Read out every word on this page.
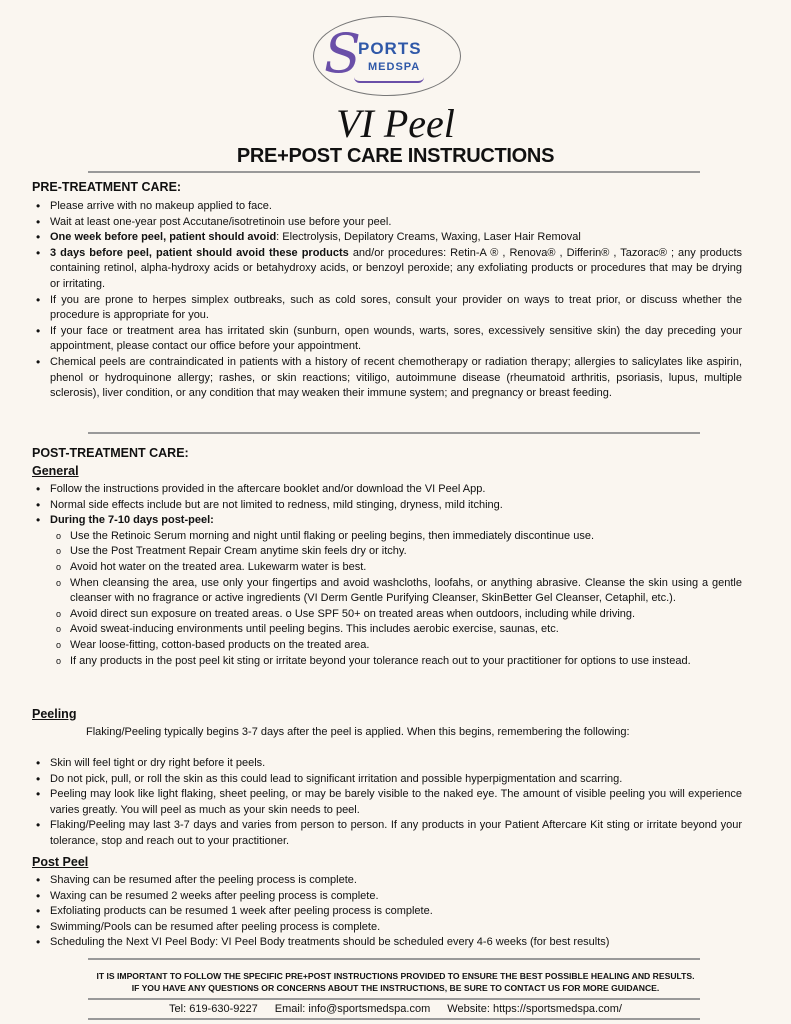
S
PORTS
MEDSPA
VI Peel
PRE+POST CARE INSTRUCTIONS
PRE-TREATMENT CARE:
• Please arrive with no makeup applied to face.
• Wait at least one-year post Accutane/isotretinoin use before your peel.
• One week before peel, patient should avoid: Electrolysis, Depilatory Creams, Waxing, Laser Hair Removal
• 3 days before peel, patient should avoid these products and/or procedures: Retin-A ® , Renova® , Differin® , Tazorac® ; any products containing retinol, alpha-hydroxy acids or betahydroxy acids, or benzoyl peroxide; any exfoliating products or procedures that may be drying or irritating.
• If you are prone to herpes simplex outbreaks, such as cold sores, consult your provider on ways to treat prior, or discuss whether the procedure is appropriate for you.
• If your face or treatment area has irritated skin (sunburn, open wounds, warts, sores, excessively sensitive skin) the day preceding your appointment, please contact our office before your appointment.
• Chemical peels are contraindicated in patients with a history of recent chemotherapy or radiation therapy; allergies to salicylates like aspirin, phenol or hydroquinone allergy; rashes, or skin reactions; vitiligo, autoimmune disease (rheumatoid arthritis, psoriasis, lupus, multiple sclerosis), liver condition, or any condition that may weaken their immune system; and pregnancy or breast feeding.
POST-TREATMENT CARE:
General
• Follow the instructions provided in the aftercare booklet and/or download the VI Peel App.
• Normal side effects include but are not limited to redness, mild stinging, dryness, mild itching.
• During the 7-10 days post-peel:
o Use the Retinoic Serum morning and night until flaking or peeling begins, then immediately discontinue use.
o Use the Post Treatment Repair Cream anytime skin feels dry or itchy.
o Avoid hot water on the treated area. Lukewarm water is best.
o When cleansing the area, use only your fingertips and avoid washcloths, loofahs, or anything abrasive. Cleanse the skin using a gentle cleanser with no fragrance or active ingredients (VI Derm Gentle Purifying Cleanser, SkinBetter Gel Cleanser, Cetaphil, etc.).
o Avoid direct sun exposure on treated areas. o Use SPF 50+ on treated areas when outdoors, including while driving.
o Avoid sweat-inducing environments until peeling begins. This includes aerobic exercise, saunas, etc.
o Wear loose-fitting, cotton-based products on the treated area.
o If any products in the post peel kit sting or irritate beyond your tolerance reach out to your practitioner for options to use instead.
Peeling
Flaking/Peeling typically begins 3-7 days after the peel is applied. When this begins, remembering the following:
• Skin will feel tight or dry right before it peels.
• Do not pick, pull, or roll the skin as this could lead to significant irritation and possible hyperpigmentation and scarring.
• Peeling may look like light flaking, sheet peeling, or may be barely visible to the naked eye. The amount of visible peeling you will experience varies greatly. You will peel as much as your skin needs to peel.
• Flaking/Peeling may last 3-7 days and varies from person to person. If any products in your Patient Aftercare Kit sting or irritate beyond your tolerance, stop and reach out to your practitioner.
Post Peel
• Shaving can be resumed after the peeling process is complete.
• Waxing can be resumed 2 weeks after peeling process is complete.
• Exfoliating products can be resumed 1 week after peeling process is complete.
• Swimming/Pools can be resumed after peeling process is complete.
• Scheduling the Next VI Peel Body: VI Peel Body treatments should be scheduled every 4-6 weeks (for best results)
IT IS IMPORTANT TO FOLLOW THE SPECIFIC PRE+POST INSTRUCTIONS PROVIDED TO ENSURE THE BEST POSSIBLE HEALING AND RESULTS.
IF YOU HAVE ANY QUESTIONS OR CONCERNS ABOUT THE INSTRUCTIONS, BE SURE TO CONTACT US FOR MORE GUIDANCE.
Tel: 619-630-9227 Email: info@sportsmedspa.com Website: https://sportsmedspa.com/
